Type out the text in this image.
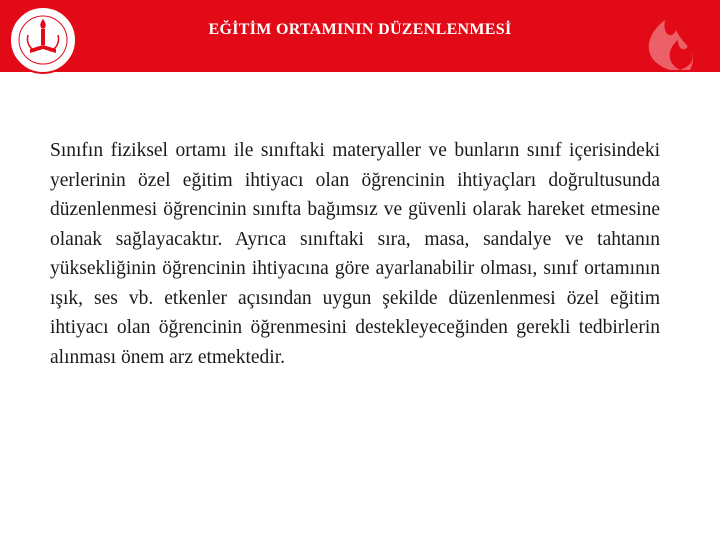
EĞİTİM ORTAMININ DÜZENLENMESİ

Sınıfın fiziksel ortamı ile sınıftaki materyaller ve bunların sınıf içerisindeki yerlerinin özel eğitim ihtiyacı olan öğrencinin ihtiyaçları doğrultusunda düzenlenmesi öğrencinin sınıfta bağımsız ve güvenli olarak hareket etmesine olanak sağlayacaktır. Ayrıca sınıftaki sıra, masa, sandalye ve tahtanın yüksekliğinin öğrencinin ihtiyacına göre ayarlanabilir olması, sınıf ortamının ışık, ses vb. etkenler açısından uygun şekilde düzenlenmesi özel eğitim ihtiyacı olan öğrencinin öğrenmesini destekleyeceğinden gerekli tedbirlerin alınması önem arz etmektedir.
